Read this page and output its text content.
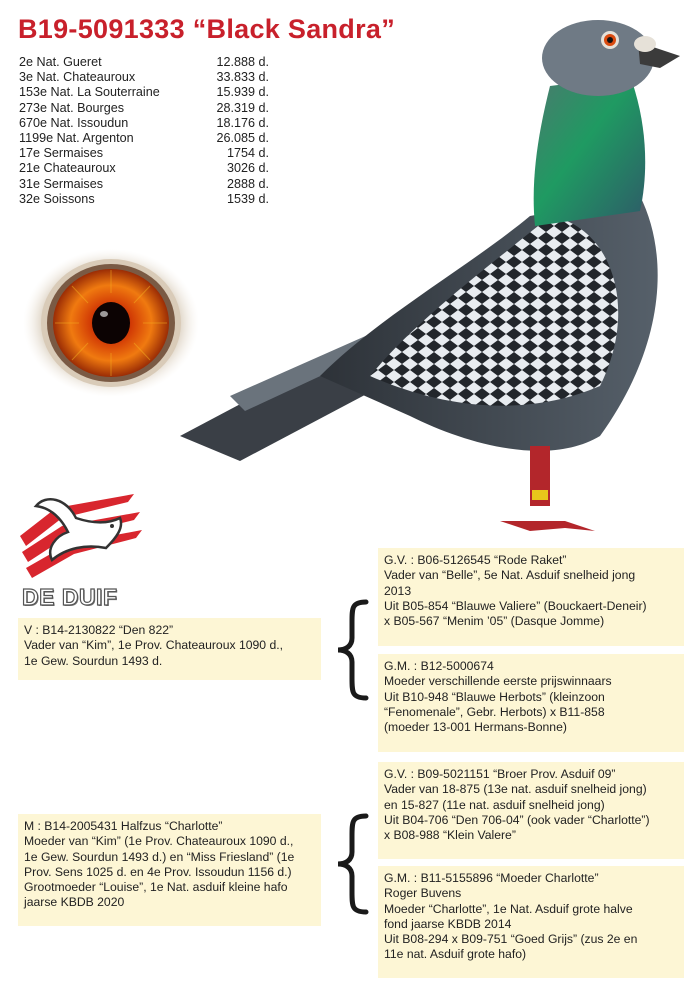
B19-5091333 “Black Sandra”
2e Nat. Gueret	12.888 d.
3e Nat. Chateauroux	33.833 d.
153e Nat. La Souterraine	15.939 d.
273e Nat. Bourges	28.319 d.
670e Nat. Issoudun	18.176 d.
1199e Nat. Argenton	26.085 d.
17e Sermaises	1754 d.
21e Chateauroux	3026 d.
31e Sermaises	2888 d.
32e Soissons	1539 d.
DE DUIF
V : B14-2130822 “Den 822”
Vader van “Kim”, 1e Prov. Chateauroux 1090 d.,
1e Gew. Sourdun 1493 d.
M : B14-2005431 Halfzus “Charlotte”
Moeder van “Kim” (1e Prov. Chateauroux 1090 d.,
1e Gew. Sourdun 1493 d.) en “Miss Friesland” (1e
Prov. Sens 1025 d. en 4e Prov. Issoudun 1156 d.)
Grootmoeder “Louise”, 1e Nat. asduif kleine hafo
jaarse KBDB 2020
G.V. : B06-5126545 “Rode Raket”
Vader van “Belle”, 5e Nat. Asduif snelheid jong
2013
Uit B05-854 “Blauwe Valiere” (Bouckaert-Deneir)
x B05-567 “Menim ’05” (Dasque Jomme)
G.M. : B12-5000674
Moeder verschillende eerste prijswinnaars
Uit B10-948 “Blauwe Herbots” (kleinzoon
“Fenomenale”, Gebr. Herbots) x B11-858
(moeder 13-001 Hermans-Bonne)
G.V. : B09-5021151 “Broer Prov. Asduif 09”
Vader van 18-875 (13e nat. asduif snelheid jong)
en 15-827 (11e nat. asduif snelheid jong)
Uit B04-706 “Den 706-04” (ook vader “Charlotte”)
x B08-988 “Klein Valere”
G.M. : B11-5155896 “Moeder Charlotte”
Roger Buvens
Moeder “Charlotte”, 1e Nat. Asduif grote halve
fond jaarse KBDB 2014
Uit B08-294 x B09-751 “Goed Grijs” (zus 2e en
11e nat. Asduif grote hafo)
